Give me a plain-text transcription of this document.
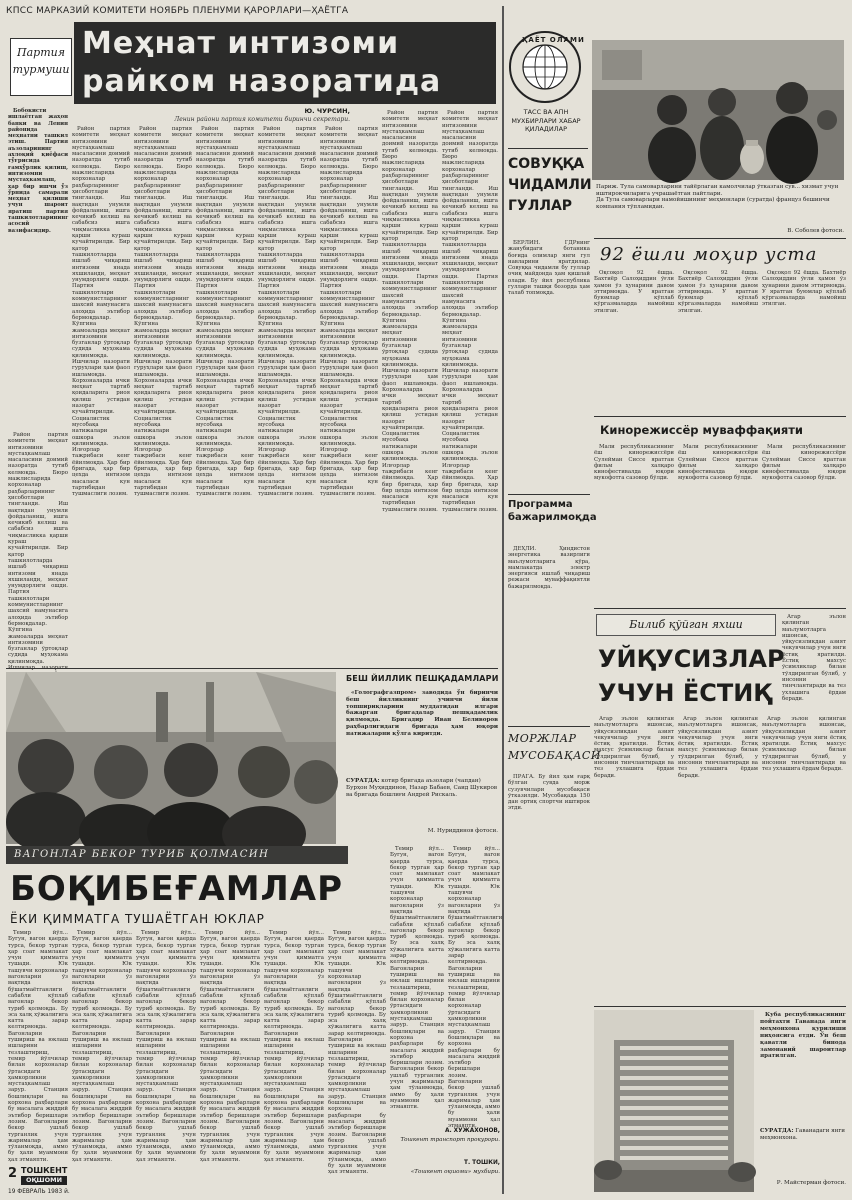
КПСС МАРКАЗИЙ КОМИТЕТИ НОЯБРЬ ПЛЕНУМИ ҚАРОРЛАРИ—ҲАЁТГА
Партия турмуши
Меҳнат интизоми
райком назоратида
Ю. ЧУРСИН,
Ленин райони партия комитети биринчи секретари.

Бобокисти ишлаётган жаҳон банки ва Ленин районида меҳнатни ташкил этиш. Партия аъзоларининг ахлоқий қиёфаси тўғрисида ғамхўрлик қилиш, интизомни мустаҳкамлаш, ҳар бир ишчи ўз ўрнида самарали меҳнат қилиши учун шароит яратиш партия ташкилотларининг асосий вазифасидир.

Район партия комитети меҳнат интизомини мустаҳкамлаш масаласини доимий назоратда тутиб келмоқда. Бюро мажлисларида корхоналар раҳбарларининг ҳисоботлари тингланди. Иш вақтидан унумли фойдаланиш, ишга кечикиб келиш ва сабабсиз ишга чиқмасликка қарши кураш кучайтирилди. Бир қатор ташкилотларда ишлаб чиқариш интизоми янада яхшиланди, меҳнат унумдорлиги ошди. Партия ташкилотлари коммунистларнинг шахсий намунасига алоҳида эътибор бермоқдалар. Кўпгина жамоаларда меҳнат интизомини бузганлар ўртоқлар судида муҳокама қилинмоқда. Ишчилар назорати гуруҳлари ҳам фаол ишламоқда. Корхоналарда ички меҳнат тартиб қоидаларига риоя қилиш устидан назорат кучайтирилди. Социалистик мусобақа натижалари ошкора эълон қилинмоқда. Илғорлар тажрибаси кенг ёйилмоқда. Ҳар бир бригада, ҳар бир цехда интизом масаласи кун тартибидан тушмаслиги лозим.

Район партия комитети меҳнат интизомини мустаҳкамлаш масаласини доимий назоратда тутиб келмоқда. Бюро мажлисларида корхоналар раҳбарларининг ҳисоботлари тингланди. Иш вақтидан унумли фойдаланиш, ишга кечикиб келиш ва сабабсиз ишга чиқмасликка қарши кураш кучайтирилди. Бир қатор ташкилотларда ишлаб чиқариш интизоми янада яхшиланди, меҳнат унумдорлиги ошди. Партия ташкилотлари коммунистларнинг шахсий намунасига алоҳида эътибор бермоқдалар. Кўпгина жамоаларда меҳнат интизомини бузганлар ўртоқлар судида муҳокама қилинмоқда.

Район партия комитети меҳнат интизомини мустаҳкамлаш масаласини доимий назоратда тутиб келмоқда. Бюро мажлисларида корхоналар раҳбарларининг ҳисоботлари тингланди. Иш вақтидан унумли фойдаланиш, ишга кечикиб келиш ва сабабсиз ишга чиқмасликка қарши кураш кучайтирилди. Бир қатор ташкилотларда ишлаб чиқариш интизоми янада яхшиланди, меҳнат унумдорлиги ошди. Партия ташкилотлари коммунистларнинг шахсий намунасига алоҳида эътибор бермоқдалар. Кўпгина жамоаларда меҳнат интизомини бузганлар ўртоқлар судида муҳокама қилинмоқда. Ишчилар назорати гуруҳлари ҳам фаол ишламоқда. Корхоналарда ички меҳнат тартиб қоидаларига риоя қилиш устидан назорат кучайтирилди. Социалистик мусобақа натижалари ошкора эълон қилинмоқда. Илғорлар тажрибаси кенг ёйилмоқда. Ҳар бир бригада, ҳар бир цехда интизом масаласи кун тартибидан тушмаслиги лозим.

Район партия комитети меҳнат интизомини мустаҳкамлаш масаласини доимий назоратда тутиб келмоқда. Бюро мажлисларида корхоналар раҳбарларининг ҳисоботлари тингланди. Иш вақтидан унумли фойдаланиш, ишга кечикиб келиш ва сабабсиз ишга чиқмасликка қарши кураш кучайтирилди. Бир қатор ташкилотларда ишлаб чиқариш интизоми янада яхшиланди, меҳнат унумдорлиги ошди. Партия ташкилотлари коммунистларнинг шахсий намунасига алоҳида эътибор бермоқдалар. Кўпгина жамоаларда меҳнат интизомини бузганлар ўртоқлар судида муҳокама қилинмоқда. Ишчилар назорати гуруҳлари ҳам фаол ишламоқда. Корхоналарда ички меҳнат тартиб қоидаларига риоя қилиш устидан назорат кучайтирилди. Социалистик мусобақа натижалари ошкора эълон қилинмоқда. Илғорлар тажрибаси кенг ёйилмоқда. Ҳар бир бригада, ҳар бир цехда интизом масаласи кун тартибидан тушмаслиги лозим.

Район партия комитети меҳнат интизомини мустаҳкамлаш масаласини доимий назоратда тутиб келмоқда. Бюро мажлисларида корхоналар раҳбарларининг ҳисоботлари тингланди. Иш вақтидан унумли фойдаланиш, ишга кечикиб келиш ва сабабсиз ишга чиқмасликка қарши кураш кучайтирилди. Бир қатор ташкилотларда ишлаб чиқариш интизоми янада яхшиланди, меҳнат унумдорлиги ошди. Партия ташкилотлари коммунистларнинг шахсий намунасига алоҳида эътибор бермоқдалар. Кўпгина жамоаларда меҳнат интизомини бузганлар ўртоқлар судида муҳокама қилинмоқда. Ишчилар назорати гуруҳлари ҳам фаол ишламоқда. Корхоналарда ички меҳнат тартиб қоидаларига риоя қилиш устидан назорат кучайтирилди. Социалистик мусобақа натижалари ошкора эълон қилинмоқда. Илғорлар тажрибаси кенг ёйилмоқда. Ҳар бир бригада, ҳар бир цехда интизом масаласи кун тартибидан тушмаслиги лозим.

Район партия комитети меҳнат интизомини мустаҳкамлаш масаласини доимий назоратда тутиб келмоқда. Бюро мажлисларида корхоналар раҳбарларининг ҳисоботлари тингланди. Иш вақтидан унумли фойдаланиш, ишга кечикиб келиш ва сабабсиз ишга чиқмасликка қарши кураш кучайтирилди. Бир қатор ташкилотларда ишлаб чиқариш интизоми янада яхшиланди, меҳнат унумдорлиги ошди. Партия ташкилотлари коммунистларнинг шахсий намунасига алоҳида эътибор бермоқдалар. Кўпгина жамоаларда меҳнат интизомини бузганлар ўртоқлар судида муҳокама қилинмоқда. Ишчилар назорати гуруҳлари ҳам фаол ишламоқда. Корхоналарда ички меҳнат тартиб қоидаларига риоя қилиш устидан назорат кучайтирилди. Социалистик мусобақа натижалари ошкора эълон қилинмоқда. Илғорлар тажрибаси кенг ёйилмоқда. Ҳар бир бригада, ҳар бир цехда интизом масаласи кун тартибидан тушмаслиги лозим.

Район партия комитети меҳнат интизомини мустаҳкамлаш масаласини доимий назоратда тутиб келмоқда. Бюро мажлисларида корхоналар раҳбарларининг ҳисоботлари тингланди. Иш вақтидан унумли фойдаланиш, ишга кечикиб келиш ва сабабсиз ишга чиқмасликка қарши кураш кучайтирилди. Бир қатор ташкилотларда ишлаб чиқариш интизоми янада яхшиланди, меҳнат унумдорлиги ошди. Партия ташкилотлари коммунистларнинг шахсий намунасига алоҳида эътибор бермоқдалар. Кўпгина жамоаларда меҳнат интизомини бузганлар ўртоқлар судида муҳокама қилинмоқда. Ишчилар назорати гуруҳлари ҳам фаол ишламоқда. Корхоналарда ички меҳнат тартиб қоидаларига риоя қилиш устидан назорат кучайтирилди. Социалистик мусобақа натижалари ошкора эълон қилинмоқда. Илғорлар тажрибаси кенг ёйилмоқда. Ҳар бир бригада, ҳар бир цехда интизом масаласи кун тартибидан тушмаслиги лозим.

Район партия комитети меҳнат интизомини мустаҳкамлаш масаласини доимий назоратда тутиб келмоқда. Бюро мажлисларида корхоналар раҳбарларининг ҳисоботлари тингланди. Иш вақтидан унумли фойдаланиш, ишга кечикиб келиш ва сабабсиз ишга чиқмасликка қарши кураш кучайтирилди. Бир қатор ташкилотларда ишлаб чиқариш интизоми янада яхшиланди, меҳнат унумдорлиги ошди. Партия ташкилотлари коммунистларнинг шахсий намунасига алоҳида эътибор бермоқдалар. Кўпгина жамоаларда меҳнат интизомини бузганлар ўртоқлар судида муҳокама қилинмоқда. Ишчилар назорати гуруҳлари ҳам фаол ишламоқда. Корхоналарда ички меҳнат тартиб қоидаларига риоя қилиш устидан назорат кучайтирилди. Социалистик мусобақа натижалари ошкора эълон қилинмоқда. Илғорлар тажрибаси кенг ёйилмоқда. Ҳар бир бригада, ҳар бир цехда интизом масаласи кун тартибидан тушмаслиги лозим.

БЕШ ЙИЛЛИК ПЕШҚАДАМЛАРИ

«Голографгазпром» заводида ўн биринчи беш йилликнинг учинчи йили топшириқларини муддатидан илгари бажарган бригадалар пешқадамлик қилмоқда. Бригадир Иван Беливоров раҳбарлигидаги бригада ҳам юқори натижаларни қўлга киритди.

СУРАТДА: котир бригада аъзолари (чапдан) Бурҳон Муҳиддинов, Назар Бабаев, Саид Шукиров ва бригада бошлиғи Андрей Рискаль.
М. Нуриддинов фотоси.
ВАГОНЛАР БЕКОР ТУРИБ ҚОЛМАСИН
БОҚИБЕҒАМЛАР
ЁКИ ҚИММАТГА ТУШАЁТГАН ЮКЛАР

Темир йўл... Бугун, вагон қаерда турса, бекор турган ҳар соат мамлакат учун қимматга тушади. Юк ташувчи корхоналар вагонларни ўз вақтида бўшатмаётганлиги сабабли кўплаб вагонлар бекор туриб қолмоқда. Бу эса халқ хўжалигига катта зарар келтирмоқда. Вагонларни тушириш ва юклаш ишларини тезлаштириш, темир йўлчилар билан корхоналар ўртасидаги ҳамкорликни мустаҳкамлаш зарур. Станция бошлиқлари ва корхона раҳбарлари бу масалага жиддий эътибор беришлари лозим. Вагонларни бекор ушлаб турганлик учун жарималар ҳам тўланмоқда, аммо бу ҳали муаммони ҳал этмаяпти.

Темир йўл... Бугун, вагон қаерда турса, бекор турган ҳар соат мамлакат учун қимматга тушади. Юк ташувчи корхоналар вагонларни ўз вақтида бўшатмаётганлиги сабабли кўплаб вагонлар бекор туриб қолмоқда. Бу эса халқ хўжалигига катта зарар келтирмоқда. Вагонларни тушириш ва юклаш ишларини тезлаштириш, темир йўлчилар билан корхоналар ўртасидаги ҳамкорликни мустаҳкамлаш зарур. Станция бошлиқлари ва корхона раҳбарлари бу масалага жиддий эътибор беришлари лозим. Вагонларни бекор ушлаб турганлик учун жарималар ҳам тўланмоқда, аммо бу ҳали муаммони ҳал этмаяпти.

Темир йўл... Бугун, вагон қаерда турса, бекор турган ҳар соат мамлакат учун қимматга тушади. Юк ташувчи корхоналар вагонларни ўз вақтида бўшатмаётганлиги сабабли кўплаб вагонлар бекор туриб қолмоқда. Бу эса халқ хўжалигига катта зарар келтирмоқда. Вагонларни тушириш ва юклаш ишларини тезлаштириш, темир йўлчилар билан корхоналар ўртасидаги ҳамкорликни мустаҳкамлаш зарур. Станция бошлиқлари ва корхона раҳбарлари бу масалага жиддий эътибор беришлари лозим. Вагонларни бекор ушлаб турганлик учун жарималар ҳам тўланмоқда, аммо бу ҳали муаммони ҳал этмаяпти.

Темир йўл... Бугун, вагон қаерда турса, бекор турган ҳар соат мамлакат учун қимматга тушади. Юк ташувчи корхоналар вагонларни ўз вақтида бўшатмаётганлиги сабабли кўплаб вагонлар бекор туриб қолмоқда. Бу эса халқ хўжалигига катта зарар келтирмоқда. Вагонларни тушириш ва юклаш ишларини тезлаштириш, темир йўлчилар билан корхоналар ўртасидаги ҳамкорликни мустаҳкамлаш зарур. Станция бошлиқлари ва корхона раҳбарлари бу масалага жиддий эътибор беришлари лозим. Вагонларни бекор ушлаб турганлик учун жарималар ҳам тўланмоқда, аммо бу ҳали муаммони ҳал этмаяпти.

Темир йўл... Бугун, вагон қаерда турса, бекор турган ҳар соат мамлакат учун қимматга тушади. Юк ташувчи корхоналар вагонларни ўз вақтида бўшатмаётганлиги сабабли кўплаб вагонлар бекор туриб қолмоқда. Бу эса халқ хўжалигига катта зарар келтирмоқда. Вагонларни тушириш ва юклаш ишларини тезлаштириш, темир йўлчилар билан корхоналар ўртасидаги ҳамкорликни мустаҳкамлаш зарур. Станция бошлиқлари ва корхона раҳбарлари бу масалага жиддий эътибор беришлари лозим. Вагонларни бекор ушлаб турганлик учун жарималар ҳам тўланмоқда, аммо бу ҳали муаммони ҳал этмаяпти.

Темир йўл... Бугун, вагон қаерда турса, бекор турган ҳар соат мамлакат учун қимматга тушади. Юк ташувчи корхоналар вагонларни ўз вақтида бўшатмаётганлиги сабабли кўплаб вагонлар бекор туриб қолмоқда. Бу эса халқ хўжалигига катта зарар келтирмоқда. Вагонларни тушириш ва юклаш ишларини тезлаштириш, темир йўлчилар билан корхоналар ўртасидаги ҳамкорликни мустаҳкамлаш зарур. Станция бошлиқлари ва корхона раҳбарлари бу масалага жиддий эътибор беришлари лозим. Вагонларни бекор ушлаб турганлик учун жарималар ҳам тўланмоқда, аммо бу ҳали муаммони ҳал этмаяпти.

Темир йўл... Бугун, вагон қаерда турса, бекор турган ҳар соат мамлакат учун қимматга тушади. Юк ташувчи корхоналар вагонларни ўз вақтида бўшатмаётганлиги сабабли кўплаб вагонлар бекор туриб қолмоқда. Бу эса халқ хўжалигига катта зарар келтирмоқда. Вагонларни тушириш ва юклаш ишларини тезлаштириш, темир йўлчилар билан корхоналар ўртасидаги ҳамкорликни мустаҳкамлаш зарур. Станция бошлиқлари ва корхона раҳбарлари бу масалага жиддий эътибор беришлари лозим. Вагонларни бекор ушлаб турганлик учун жарималар ҳам тўланмоқда, аммо бу ҳали муаммони ҳал этмаяпти.

Темир йўл... Бугун, вагон қаерда турса, бекор турган ҳар соат мамлакат учун қимматга тушади. Юк ташувчи корхоналар вагонларни ўз вақтида бўшатмаётганлиги сабабли кўплаб вагонлар бекор туриб қолмоқда. Бу эса халқ хўжалигига катта зарар келтирмоқда. Вагонларни тушириш ва юклаш ишларини тезлаштириш, темир йўлчилар билан корхоналар ўртасидаги ҳамкорликни мустаҳкамлаш зарур. Станция бошлиқлари ва корхона раҳбарлари бу масалага жиддий эътибор беришлари лозим. Вагонларни бекор ушлаб турганлик учун жарималар ҳам тўланмоқда, аммо бу ҳали муаммони ҳал этмаяпти.

А. ХУЖАХОНОВ,
Тошкент транспорт прокурори.
Т. ТОШКИ,
«Тошкент оқшоми» мухбири.
2 ТОШКЕНТ
ОҚШОМИ
19 ФЕВРАЛЬ 1983 й.
ҲАЁТ ОЛАМИ
ТАСС ВА АПН МУХБИРЛАРИ ХАБАР ҚИЛАДИЛАР
Париж. Тула самоварларини тайёрлаган камолчилар ўтказган сув... хизмат учун иштирокчиларига учрашаётган пайтлари.
Да Тула самоварлари намойишининг меҳмонлари (суратда) француз бешинчи компания тўпламидан.
В. Соболев фотоси.
СОВУҚҚА ЧИДАМЛИ ГУЛЛАР

БЕРЛИН. ГДРнинг жанубидаги ботаника боғида олимлар янги гул навларини яратдилар. Совуққа чидамли бу гуллар очиқ майдонда ҳам қишлай олади. Бу йил республика гуллари ташқи бозорда ҳам талаб топмоқда.

Программа бажарилмоқда

ДЕҲЛИ. Ҳиндистон энергетика вазирлиги маълумотларига кўра, мамлакатда электр энергияси ишлаб чиқариш режаси муваффақиятли бажарилмоқда.

МОРЖЛАР МУСОБАҚАСИ

ПРАГА. Бу йил ҳам ғарқ бўлган сувда морж сузувчилари мусобақаси ўтказилди. Мусобақада 150 дан ортиқ спортчи иштирок этди.

92 ёшли моҳир уста

Оқсоқол 92 ёшда. Бахтиёр Салоҳиддин ўғли ҳамон ўз ҳунарини давом эттирмоқда. У яратган буюмлар кўплаб кўргазмаларда намойиш этилган.

Оқсоқол 92 ёшда. Бахтиёр Салоҳиддин ўғли ҳамон ўз ҳунарини давом эттирмоқда. У яратган буюмлар кўплаб кўргазмаларда намойиш этилган.

Оқсоқол 92 ёшда. Бахтиёр Салоҳиддин ўғли ҳамон ўз ҳунарини давом эттирмоқда. У яратган буюмлар кўплаб кўргазмаларда намойиш этилган.

Кинорежиссёр муваффақияти

Мали республикасининг ёш кинорежиссёри Сулейман Сиссе яратган фильм халқаро кинофестивалда юқори мукофотга сазовор бўлди.

Мали республикасининг ёш кинорежиссёри Сулейман Сиссе яратган фильм халқаро кинофестивалда юқори мукофотга сазовор бўлди.

Мали республикасининг ёш кинорежиссёри Сулейман Сиссе яратган фильм халқаро кинофестивалда юқори мукофотга сазовор бўлди.

Билиб қўйган яхши
УЙҚУСИЗЛАР
УЧУН ЁСТИҚ

Агар эълон қилинган маълумотларга ишонсак, уйқусизликдан азият чекувчилар учун янги ёстиқ яратилди. Ёстиқ махсус ўсимликлар билан тўлдирилган бўлиб, у инсонни тинчлантиради ва тез ухлашига ёрдам беради.

Агар эълон қилинган маълумотларга ишонсак, уйқусизликдан азият чекувчилар учун янги ёстиқ яратилди. Ёстиқ махсус ўсимликлар билан тўлдирилган бўлиб, у инсонни тинчлантиради ва тез ухлашига ёрдам беради.

Агар эълон қилинган маълумотларга ишонсак, уйқусизликдан азият чекувчилар учун янги ёстиқ яратилди. Ёстиқ махсус ўсимликлар билан тўлдирилган бўлиб, у инсонни тинчлантиради ва тез ухлашига ёрдам беради.

Агар эълон қилинган маълумотларга ишонсак, уйқусизликдан азият чекувчилар учун янги ёстиқ яратилди. Ёстиқ махсус ўсимликлар билан тўлдирилган бўлиб, у инсонни тинчлантиради ва тез ухлашига ёрдам беради.

Куба республикасининг пойтахти Гаванада янги меҳмонхона қурилиши ниҳоясига етди. Ўн беш қаватли бинода замонавий шароитлар яратилган.

СУРАТДА: Гаванадаги янги меҳмонхона.
Р. Майстерман фотоси.
